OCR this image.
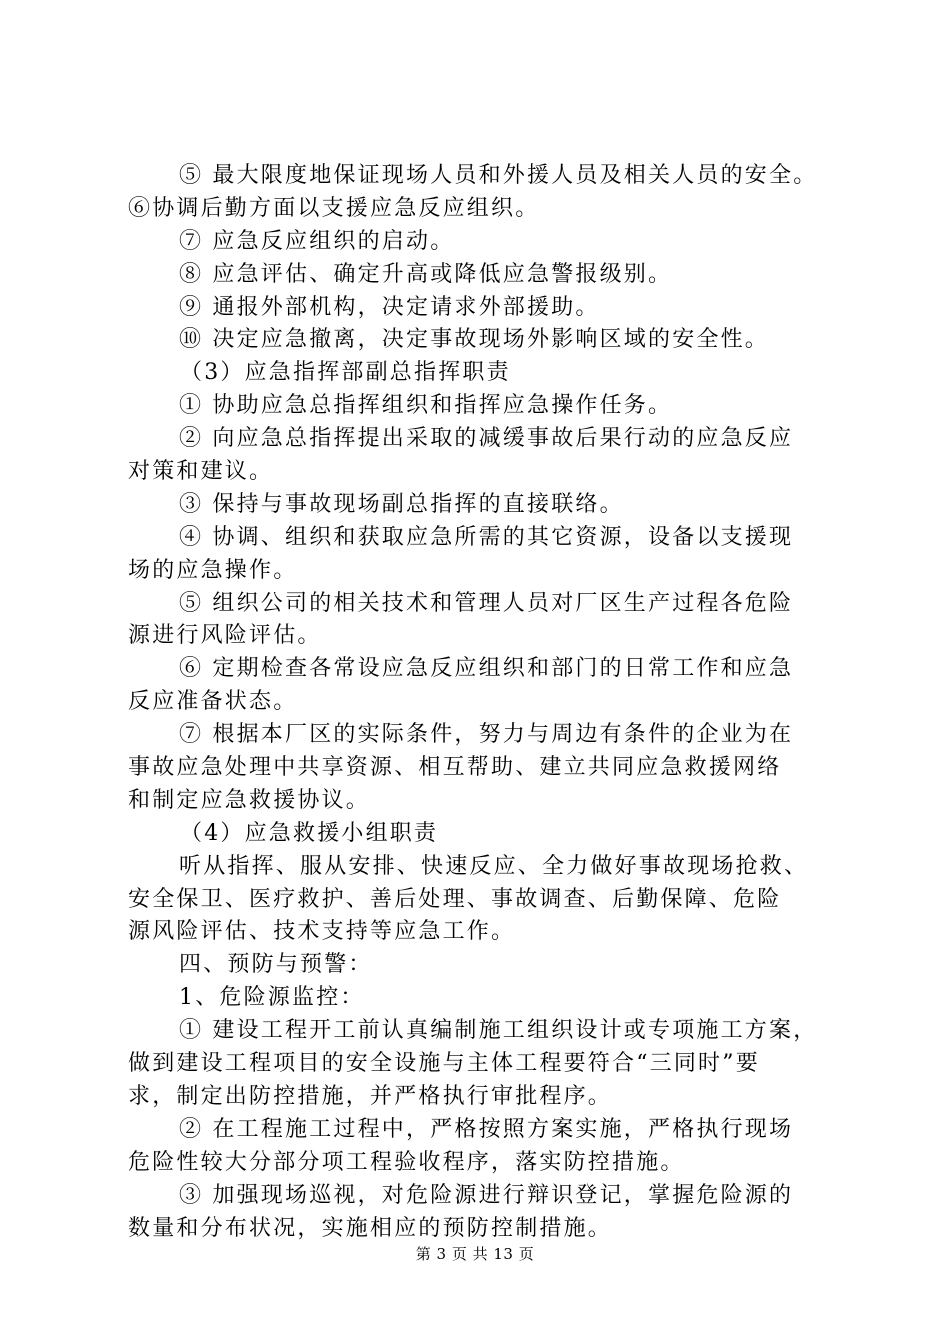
⑤ 最大限度地保证现场人员和外援人员及相关人员的安全。
⑥协调后勤方面以支援应急反应组织。
⑦ 应急反应组织的启动。
⑧ 应急评估、确定升高或降低应急警报级别。
⑨ 通报外部机构，决定请求外部援助。
⑩ 决定应急撤离，决定事故现场外影响区域的安全性。
（3）应急指挥部副总指挥职责
① 协助应急总指挥组织和指挥应急操作任务。
② 向应急总指挥提出采取的减缓事故后果行动的应急反应
对策和建议。
③ 保持与事故现场副总指挥的直接联络。
④ 协调、组织和获取应急所需的其它资源，设备以支援现
场的应急操作。
⑤ 组织公司的相关技术和管理人员对厂区生产过程各危险
源进行风险评估。
⑥ 定期检查各常设应急反应组织和部门的日常工作和应急
反应准备状态。
⑦ 根据本厂区的实际条件，努力与周边有条件的企业为在
事故应急处理中共享资源、相互帮助、建立共同应急救援网络
和制定应急救援协议。
（4）应急救援小组职责
听从指挥、服从安排、快速反应、全力做好事故现场抢救、
安全保卫、医疗救护、善后处理、事故调查、后勤保障、危险
源风险评估、技术支持等应急工作。
四、预防与预警：
1、危险源监控：
① 建设工程开工前认真编制施工组织设计或专项施工方案，
做到建设工程项目的安全设施与主体工程要符合“三同时”要
求，制定出防控措施，并严格执行审批程序。
② 在工程施工过程中，严格按照方案实施，严格执行现场
危险性较大分部分项工程验收程序，落实防控措施。
③ 加强现场巡视，对危险源进行辩识登记，掌握危险源的
数量和分布状况，实施相应的预防控制措施。
第 3 页 共 13 页
